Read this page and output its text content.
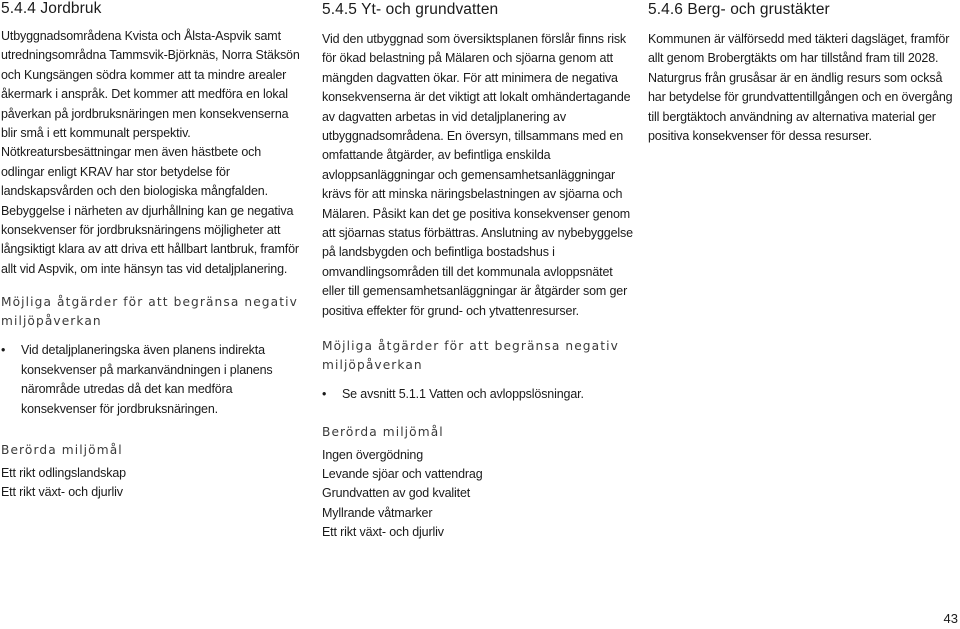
5.4.4 Jordbruk

Utbyggnadsområdena Kvista och Ålsta-Aspvik samt utredningsområdna Tammsvik-Björknäs, Norra Stäksön och Kungsängen södra kommer att ta mindre arealer åkermark i anspråk. Det kommer att medföra en lokal påverkan på jordbruksnäringen men konsekvenserna blir små i ett kommunalt perspektiv. Nötkreatursbesättningar men även hästbete och odlingar enligt KRAV har stor betydelse för landskapsvården och den biologiska mångfalden. Bebyggelse i närheten av djurhållning kan ge negativa konsekvenser för jordbruksnäringens möjligheter att långsiktigt klara av att driva ett hållbart lantbruk, framför allt vid Aspvik, om inte hänsyn tas vid detaljplanering.

Möjliga åtgärder för att begränsa negativ miljöpåverkan
• Vid detaljplaneringska även planens indirekta konsekvenser på markanvändningen i planens närområde utredas då det kan medföra konsekvenser för jordbruksnäringen.
Berörda miljömål
Ett rikt odlingslandskap
Ett rikt växt- och djurliv
5.4.5 Yt- och grundvatten

Vid den utbyggnad som översiktsplanen förslår finns risk för ökad belastning på Mälaren och sjöarna genom att mängden dagvatten ökar. För att minimera de negativa konsekvenserna är det viktigt att lokalt omhändertagande av dagvatten arbetas in vid detaljplanering av utbyggnadsområdena. En översyn, tillsammans med en omfattande åtgärder, av befintliga enskilda avloppsanläggningar och gemensamhetsanläggningar krävs för att minska näringsbelastningen av sjöarna och Mälaren. Påsikt kan det ge positiva konsekvenser genom att sjöarnas status förbättras. Anslutning av nybebyggelse på landsbygden och befintliga bostadshus i omvandlingsområden till det kommunala avloppsnätet eller till gemensamhetsanläggningar är åtgärder som ger positiva effekter för grund- och ytvattenresurser.

Möjliga åtgärder för att begränsa negativ miljöpåverkan
• Se avsnitt 5.1.1 Vatten och avloppslösningar.
Berörda miljömål
Ingen övergödning
Levande sjöar och vattendrag
Grundvatten av god kvalitet
Myllrande våtmarker
Ett rikt växt- och djurliv
5.4.6 Berg- och grustäkter

Kommunen är välförsedd med täkteri dagsläget, framför allt genom Brobergtäkts om har tillstånd fram till 2028. Naturgrus från grusåsar är en ändlig resurs som också har betydelse för grundvattentillgången och en övergång till bergtäktoch användning av alternativa material ger positiva konsekvenser för dessa resurser.

43
